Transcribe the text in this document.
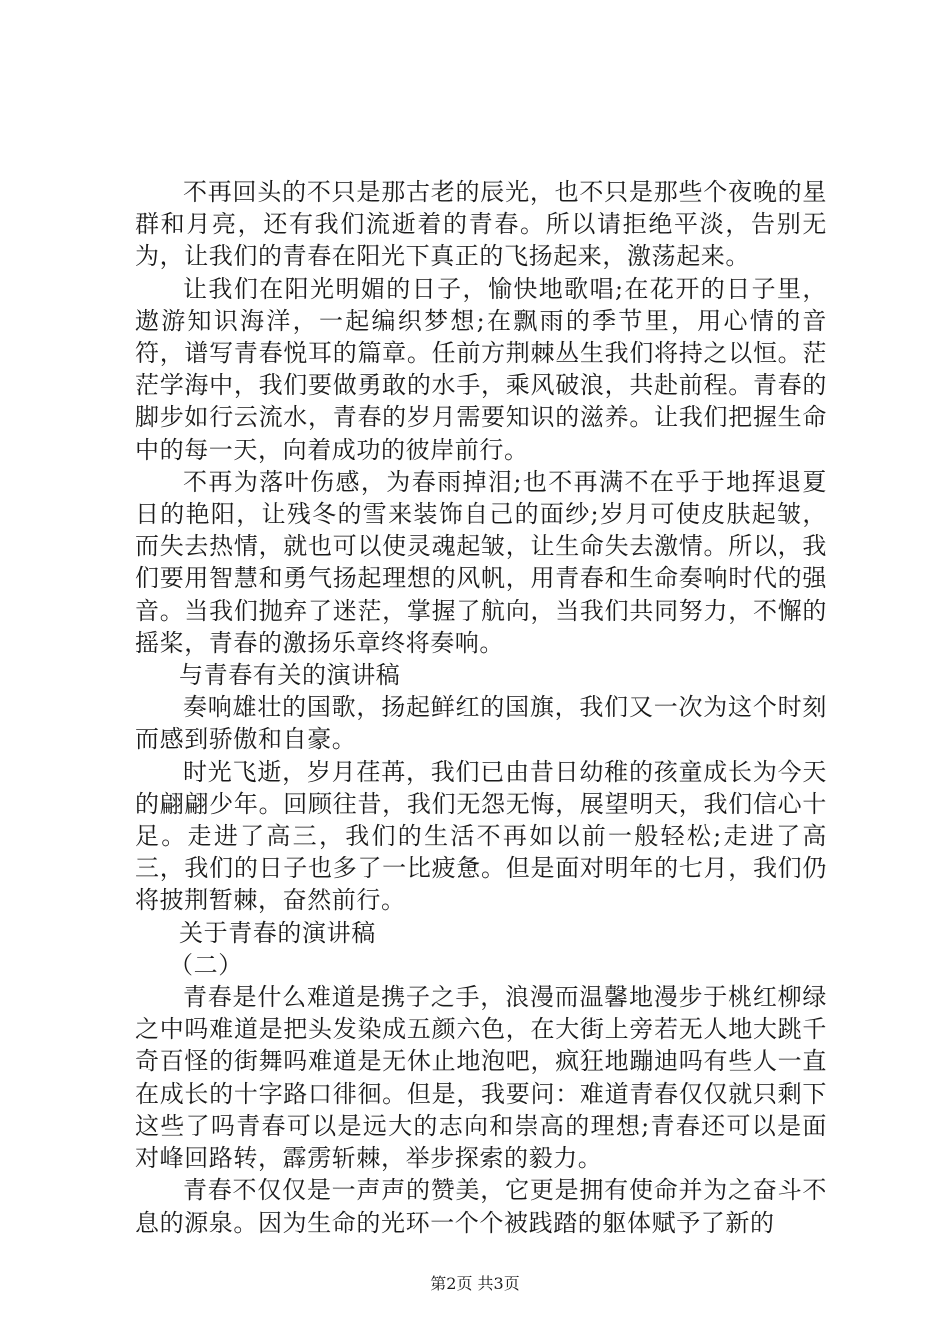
不再回头的不只是那古老的辰光，也不只是那些个夜晚的星群和月亮，还有我们流逝着的青春。所以请拒绝平淡，告别无为，让我们的青春在阳光下真正的飞扬起来，激荡起来。

让我们在阳光明媚的日子，愉快地歌唱;在花开的日子里，遨游知识海洋，一起编织梦想;在飘雨的季节里，用心情的音符，谱写青春悦耳的篇章。任前方荆棘丛生我们将持之以恒。茫茫学海中，我们要做勇敢的水手，乘风破浪，共赴前程。青春的脚步如行云流水，青春的岁月需要知识的滋养。让我们把握生命中的每一天，向着成功的彼岸前行。

不再为落叶伤感，为春雨掉泪;也不再满不在乎于地挥退夏日的艳阳，让残冬的雪来装饰自己的面纱;岁月可使皮肤起皱，而失去热情，就也可以使灵魂起皱，让生命失去激情。所以，我们要用智慧和勇气扬起理想的风帆，用青春和生命奏响时代的强音。当我们抛弃了迷茫，掌握了航向，当我们共同努力，不懈的摇桨，青春的激扬乐章终将奏响。

与青春有关的演讲稿

奏响雄壮的国歌，扬起鲜红的国旗，我们又一次为这个时刻而感到骄傲和自豪。

时光飞逝，岁月荏苒，我们已由昔日幼稚的孩童成长为今天的翩翩少年。回顾往昔，我们无怨无悔，展望明天，我们信心十足。走进了高三，我们的生活不再如以前一般轻松;走进了高三，我们的日子也多了一比疲惫。但是面对明年的七月，我们仍将披荆暂棘，奋然前行。

关于青春的演讲稿

（二）

青春是什么难道是携子之手，浪漫而温馨地漫步于桃红柳绿之中吗难道是把头发染成五颜六色，在大街上旁若无人地大跳千奇百怪的街舞吗难道是无休止地泡吧，疯狂地蹦迪吗有些人一直在成长的十字路口徘徊。但是，我要问：难道青春仅仅就只剩下这些了吗青春可以是远大的志向和崇高的理想;青春还可以是面对峰回路转，霹雳斩棘，举步探索的毅力。

青春不仅仅是一声声的赞美，它更是拥有使命并为之奋斗不息的源泉。因为生命的光环一个个被践踏的躯体赋予了新的

第2页 共3页
